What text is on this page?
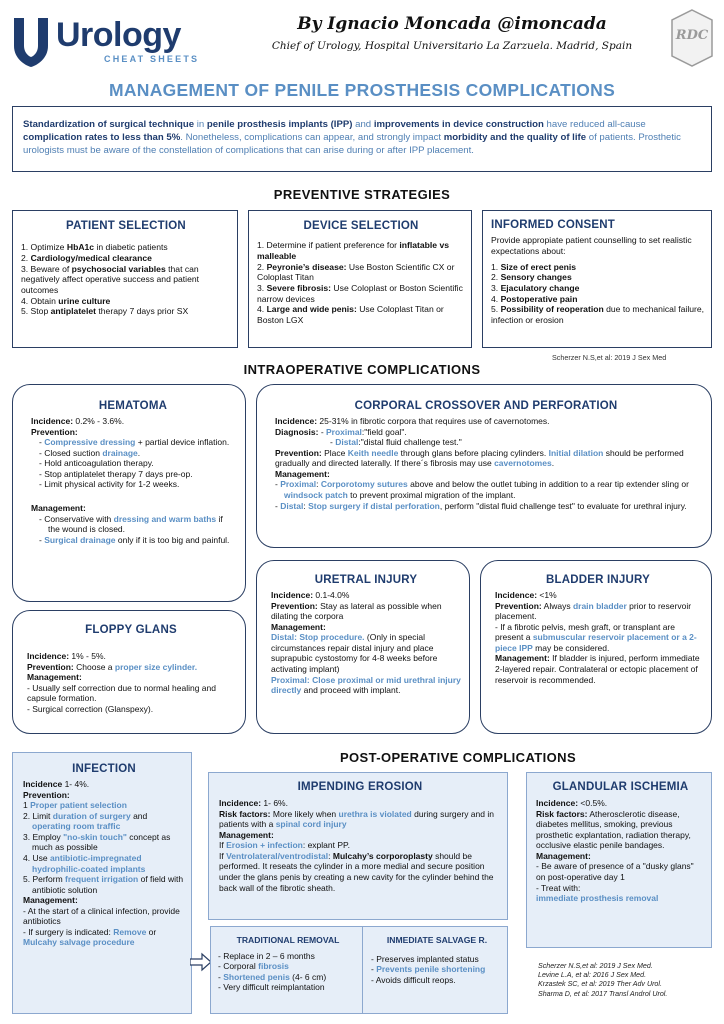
Urology
CHEAT SHEETS
By Ignacio Moncada @imoncada
Chief of Urology, Hospital Universitario La Zarzuela. Madrid, Spain
RDC
MANAGEMENT OF PENILE PROSTHESIS COMPLICATIONS
Standardization of surgical technique in penile prosthesis implants (IPP) and improvements in device construction have reduced all-cause complication rates to less than 5%. Nonetheless, complications can appear, and strongly impact morbidity and the quality of life of patients. Prosthetic urologists must be aware of the constellation of complications that can arise during or after IPP placement.
PREVENTIVE STRATEGIES
PATIENT SELECTION

1. Optimize HbA1c in diabetic patients

2. Cardiology/medical clearance

3. Beware of psychosocial variables that can negatively affect operative success and patient outcomes

4. Obtain urine culture

5. Stop antiplatelet therapy 7 days prior SX

DEVICE SELECTION

1. Determine if patient preference for inflatable vs malleable

2. Peyronie’s disease: Use Boston Scientific CX or Coloplast Titan

3. Severe fibrosis: Use Coloplast or Boston Scientific narrow devices

4. Large and wide penis: Use Coloplast Titan or Boston LGX

INFORMED CONSENT

Provide appropiate patient counselling to set realistic expectations about:

1. Size of erect penis

2. Sensory changes

3. Ejaculatory change

4. Postoperative pain

5. Possibility of reoperation due to mechanical failure, infection or erosion

Scherzer N.S,et al: 2019 J Sex Med
INTRAOPERATIVE COMPLICATIONS
HEMATOMA

Incidence: 0.2% - 3.6%.

Prevention:

- Compressive dressing + partial device inflation.
- Closed suction drainage.
- Hold anticoagulation therapy.
- Stop antiplatelet therapy 7 days pre-op.
- Limit physical activity for 1-2 weeks.

Management:

- Conservative with dressing and warm baths if the wound is closed.
- Surgical drainage only if it is too big and painful.
CORPORAL CROSSOVER AND PERFORATION

Incidence: 25-31% in fibrotic corpora that requires use of cavernotomes.

Diagnosis: - Proximal:"field goal".

- Distal:"distal fluid challenge test."

Prevention: Place Keith needle through glans before placing cylinders. Initial dilation should be performed gradually and directed laterally. If there´s fibrosis may use cavernotomes.

Management:

- Proximal: Corporotomy sutures above and below the outlet tubing in addition to a rear tip extender sling or windsock patch to prevent proximal migration of the implant.

- Distal: Stop surgery if distal perforation, perform "distal fluid challenge test" to evaluate for urethral injury.

FLOPPY GLANS

Incidence: 1% - 5%.

Prevention: Choose a proper size cylinder.

Management:

- Usually self correction due to normal healing and capsule formation.

- Surgical correction (Glanspexy).

URETRAL INJURY

Incidence: 0.1-4.0%

Prevention: Stay as lateral as possible when dilating the corpora

Management:

Distal: Stop procedure. (Only in special circumstances repair distal injury and place suprapubic cystostomy for 4-8 weeks before activating implant)

Proximal: Close proximal or mid urethral injury directly and proceed with implant.

BLADDER INJURY

Incidence: <1%

Prevention: Always drain bladder prior to reservoir placement.

- If a fibrotic pelvis, mesh graft, or transplant are present a submuscular reservoir placement or a 2-piece IPP may be considered.

Management: If bladder is injured, perform immediate 2-layered repair. Contralateral or ectopic placement of reservoir is recommended.

INFECTION

Incidence 1- 4%.

Prevention:

1 Proper patient selection

2. Limit duration of surgery and operating room traffic

3. Employ "no-skin touch" concept as much as possible

4. Use antibiotic-impregnated hydrophilic-coated implants

5. Perform frequent irrigation of field with antibiotic solution

Management:

- At the start of a clinical infection, provide antibiotics

- If surgery is indicated: Remove or Mulcahy salvage procedure

POST-OPERATIVE COMPLICATIONS
IMPENDING EROSION

Incidence: 1- 6%.

Risk factors: More likely when urethra is violated during surgery and in patients with a spinal cord injury

Management:

If Erosion + infection: explant PP.

If Ventrolateral/ventrodistal: Mulcahy’s corporoplasty should be performed. It reseats the cylinder in a more medial and secure position under the glans penis by creating a new cavity for the cylinder behind the back wall of the fibrotic sheath.

TRADITIONAL REMOVAL

- Replace in 2 – 6 months

- Corporal fibrosis

- Shortened penis (4- 6 cm)

- Very difficult reimplantation

INMEDIATE SALVAGE R.

- Preserves implanted status

- Prevents penile shortening

- Avoids difficult reops.

GLANDULAR ISCHEMIA

Incidence: <0.5%.

Risk factors: Atherosclerotic disease, diabetes mellitus, smoking, previous prosthetic explantation, radiation therapy, occlusive elastic penile bandages.

Management:

- Be aware of presence of a "dusky glans" on post-operative day 1

- Treat with:

immediate prosthesis removal

Scherzer N.S,et al: 2019 J Sex Med.

Levine L.A, et al: 2016 J Sex Med.

Krzastek SC, et al: 2019 Ther Adv Urol.

Sharma D, et al: 2017 Transl Androl Urol.
